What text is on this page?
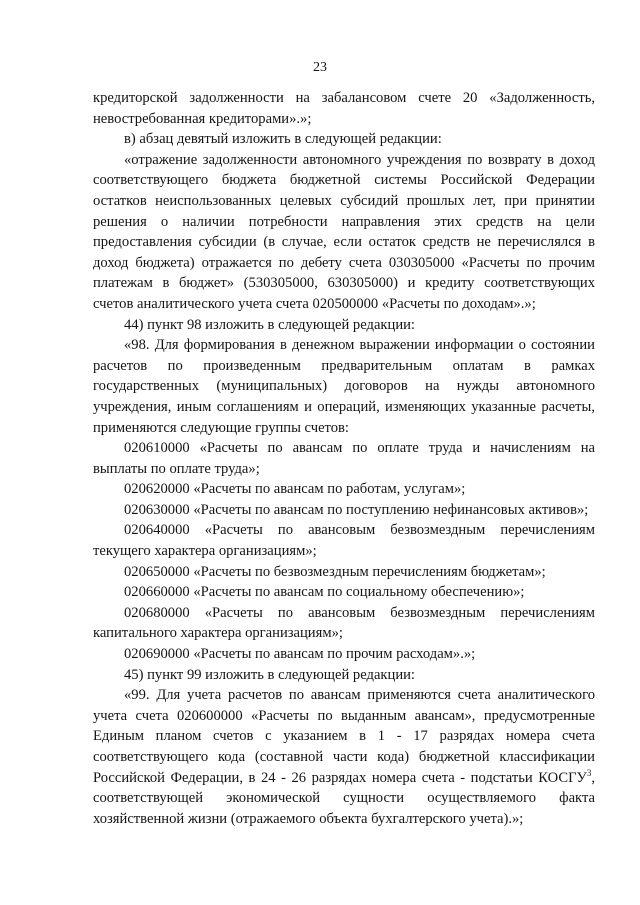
23

кредиторской задолженности на забалансовом счете 20 «Задолженность, невостребованная кредиторами».»;

в) абзац девятый изложить в следующей редакции:

«отражение задолженности автономного учреждения по возврату в доход соответствующего бюджета бюджетной системы Российской Федерации остатков неиспользованных целевых субсидий прошлых лет, при принятии решения о наличии потребности направления этих средств на цели предоставления субсидии (в случае, если остаток средств не перечислялся в доход бюджета) отражается по дебету счета 030305000 «Расчеты по прочим платежам в бюджет» (530305000, 630305000) и кредиту соответствующих счетов аналитического учета счета 020500000 «Расчеты по доходам».»;

44) пункт 98 изложить в следующей редакции:

«98. Для формирования в денежном выражении информации о состоянии расчетов по произведенным предварительным оплатам в рамках государственных (муниципальных) договоров на нужды автономного учреждения, иным соглашениям и операций, изменяющих указанные расчеты, применяются следующие группы счетов:

020610000 «Расчеты по авансам по оплате труда и начислениям на выплаты по оплате труда»;

020620000 «Расчеты по авансам по работам, услугам»;

020630000 «Расчеты по авансам по поступлению нефинансовых активов»;

020640000 «Расчеты по авансовым безвозмездным перечислениям текущего характера организациям»;

020650000 «Расчеты по безвозмездным перечислениям бюджетам»;

020660000 «Расчеты по авансам по социальному обеспечению»;

020680000 «Расчеты по авансовым безвозмездным перечислениям капитального характера организациям»;

020690000 «Расчеты по авансам по прочим расходам».»;

45) пункт 99 изложить в следующей редакции:

«99. Для учета расчетов по авансам применяются счета аналитического учета счета 020600000 «Расчеты по выданным авансам», предусмотренные Единым планом счетов с указанием в 1 - 17 разрядах номера счета соответствующего кода (составной части кода) бюджетной классификации Российской Федерации, в 24 - 26 разрядах номера счета - подстатьи КОСГУ$^3$, соответствующей экономической сущности осуществляемого факта хозяйственной жизни (отражаемого объекта бухгалтерского учета).»;
